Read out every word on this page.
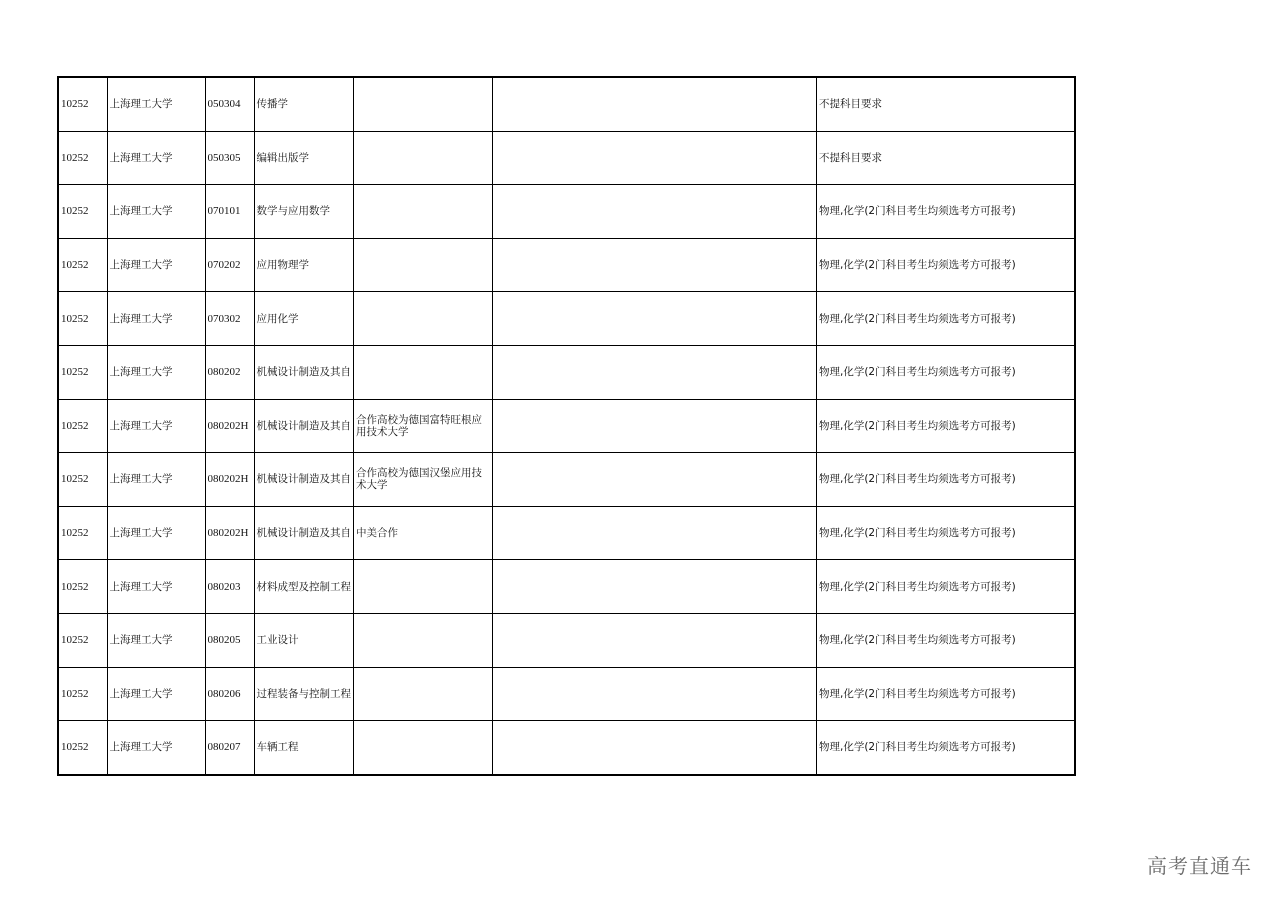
10252	上海理工大学	050304	传播学			不提科目要求
10252	上海理工大学	050305	编辑出版学			不提科目要求
10252	上海理工大学	070101	数学与应用数学			物理,化学(2门科目考生均须选考方可报考)
10252	上海理工大学	070202	应用物理学			物理,化学(2门科目考生均须选考方可报考)
10252	上海理工大学	070302	应用化学			物理,化学(2门科目考生均须选考方可报考)
10252	上海理工大学	080202	机械设计制造及其自			物理,化学(2门科目考生均须选考方可报考)
10252	上海理工大学	080202H	机械设计制造及其自	合作高校为德国富特旺根应用技术大学		物理,化学(2门科目考生均须选考方可报考)
10252	上海理工大学	080202H	机械设计制造及其自	合作高校为德国汉堡应用技术大学		物理,化学(2门科目考生均须选考方可报考)
10252	上海理工大学	080202H	机械设计制造及其自	中美合作		物理,化学(2门科目考生均须选考方可报考)
10252	上海理工大学	080203	材料成型及控制工程			物理,化学(2门科目考生均须选考方可报考)
10252	上海理工大学	080205	工业设计			物理,化学(2门科目考生均须选考方可报考)
10252	上海理工大学	080206	过程装备与控制工程			物理,化学(2门科目考生均须选考方可报考)
10252	上海理工大学	080207	车辆工程			物理,化学(2门科目考生均须选考方可报考)
高考直通车
